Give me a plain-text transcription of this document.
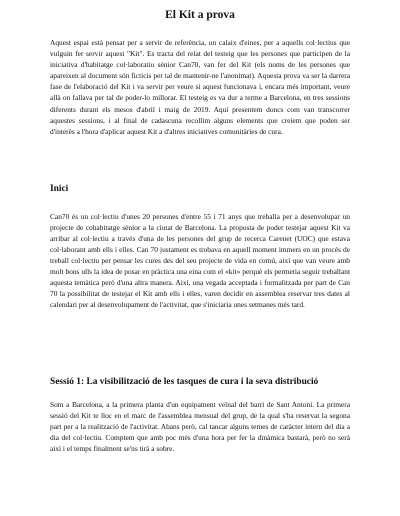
El Kit a prova

Aquest espai està pensat per a servir de referència, un calaix d'eines, per a aquells col·lectius que vulguin fer servir aquest "Kit". Es tracta del relat del testeig que les persones que participen de la iniciativa d'habitatge col·laboratiu sènior Can70, van fer del Kit (els noms de les persones que apareixen al document són ficticis per tal de mantenir-ne l'anonimat). Aquesta prova va ser la darrera fase de l'elaboració del Kit i va servir per veure si aquest funcionava i, encara més important, veure allà on fallava per tal de poder-lo millorar. El testeig es va dur a terme a Barcelona, en tres sessions diferents durant els mesos d'abril i maig de 2019. Aquí presentem doncs com van transcorrer aquestes sessions, i al final de cadascuna recollim alguns elements que creiem que poden ser d'interès a l'hora d'aplicar aquest Kit a d'altres iniciatives comunitàries de cura.

Inici

Can70 és un col·lectiu d'unes 20 persones d'entre 55 i 71 anys que treballa per a desenvolupar un projecte de cohabitatge sènior a la ciutat de Barcelona. La proposta de poder testejar aquest Kit va arribar al col·lectiu a través d'una de les persones del grup de recerca Carenet (UOC) que estava col·laborant amb ells i elles. Can 70 justament es trobava en aquell moment immers en un procés de treball col·lectiu per pensar les cures des del seu projecte de vida en comú, així que van veure amb molt bons ulls la idea de posar en pràctica una eina com el «kit» perquè els permetia seguir treballant aquesta temàtica però d'una altra manera. Així, una vegada acceptada i formalitzada per part de Can 70 la possibilitat de testejar el Kit amb ells i elles, varen decidir en assemblea reservar tres dates al calendari per al desenvolupament de l'activitat, que s'iniciaria unes setmanes més tard.

Sessió 1: La visibilització de les tasques de cura i la seva distribució

Som a Barcelona, a la primera planta d'un equipament veïnal del barri de Sant Antoni. La primera sessió del Kit te lloc en el marc de l'assemblea mensual del grup, de la qual s'ha reservat la segona part per a la realització de l'activitat. Abans però, cal tancar alguns temes de caràcter intern del dia a dia del col·lectiu. Comptem que amb poc més d'una hora per fer la dinàmica bastarà, però no serà així i el temps finalment se'ns tirà a sobre.
